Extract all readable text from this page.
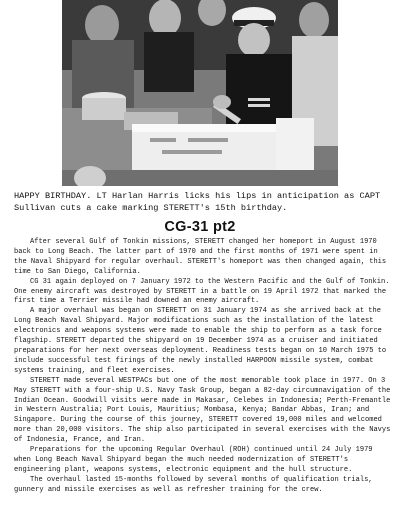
HAPPY BIRTHDAY. LT Harlan Harris licks his lips in anticipation as CAPT Sullivan cuts a cake marking STERETT's 15th birthday.
CG-31 pt2

After several Gulf of Tonkin missions, STERETT changed her homeport in August 1970 back to Long Beach. The latter part of 1970 and the first months of 1971 were spent in the Naval Shipyard for regular overhaul. STERETT's homeport was then changed again, this time to San Diego, California.

CG 31 again deployed on 7 January 1972 to the Western Pacific and the Gulf of Tonkin. One enemy aircraft was destroyed by STERETT in a battle on 19 April 1972 that marked the first time a Terrier missile had downed an enemy aircraft.

A major overhaul was began on STERETT on 31 January 1974 as she arrived back at the Long Beach Naval Shipyard. Major modifications such as the installation of the latest electronics and weapons systems were made to enable the ship to perform as a task force flagship. STERETT departed the shipyard on 19 December 1974 as a cruiser and initiated preparations for her next overseas deployment. Readiness tests began on 10 March 1975 to include successful test firings of the newly installed HARPOON missile system, combat systems training, and fleet exercises.

STERETT made several WESTPACs but one of the most memorable took place in 1977. On 3 May STERETT with a four-ship U.S. Navy Task Group, began a 82-day circumnavigation of the Indian Ocean. Goodwill visits were made in Makasar, Celebes in Indonesia; Perth-Fremantle in Western Australia; Port Louis, Mauritius; Mombasa, Kenya; Bandar Abbas, Iran; and Singapore. During the course of this journey, STERETT covered 19,000 miles and welcomed more than 20,000 visitors. The ship also participated in several exercises with the Navys of Indonesia, France, and Iran.

Preparations for the upcoming Regular Overhaul (ROH) continued until 24 July 1979 when Long Beach Naval Shipyard began the much needed modernization of STERETT's engineering plant, weapons systems, electronic equipment and the hull structure.

The overhaul lasted 15-months followed by several months of qualification trials, gunnery and missile exercises as well as refresher training for the crew.
